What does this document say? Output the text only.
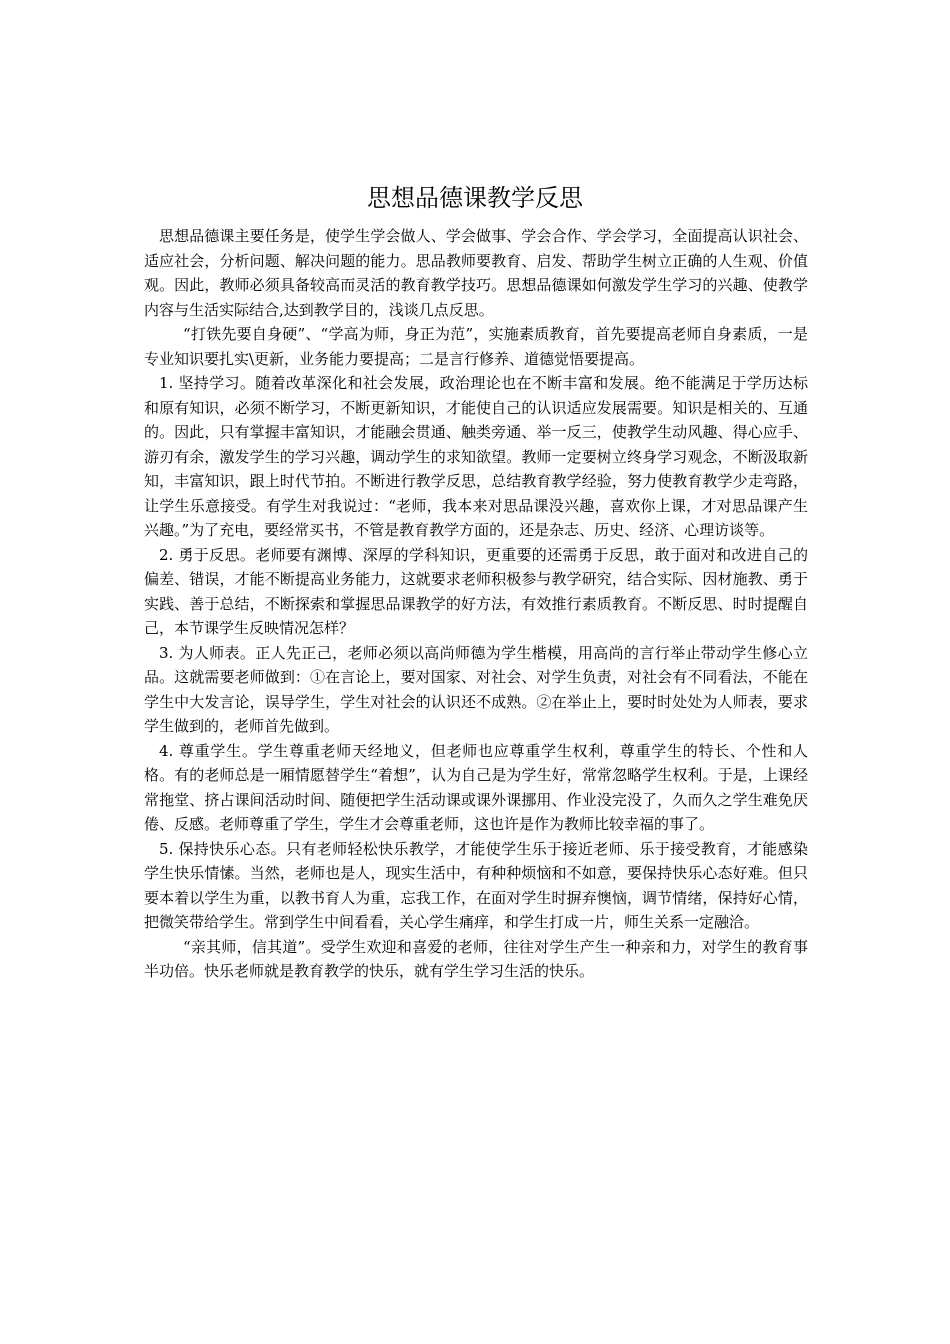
思想品德课教学反思

思想品德课主要任务是，使学生学会做人、学会做事、学会合作、学会学习，全面提高认识社会、适应社会，分析问题、解决问题的能力。思品教师要教育、启发、帮助学生树立正确的人生观、价值观。因此，教师必须具备较高而灵活的教育教学技巧。思想品德课如何激发学生学习的兴趣、使教学内容与生活实际结合,达到教学目的，浅谈几点反思。

“打铁先要自身硬”、“学高为师，身正为范”，实施素质教育，首先要提高老师自身素质，一是专业知识要扎实\更新，业务能力要提高；二是言行修养、道德觉悟要提高。

1. 坚持学习。随着改革深化和社会发展，政治理论也在不断丰富和发展。绝不能满足于学历达标和原有知识，必须不断学习，不断更新知识，才能使自己的认识适应发展需要。知识是相关的、互通的。因此，只有掌握丰富知识，才能融会贯通、触类旁通、举一反三，使教学生动风趣、得心应手、游刃有余，激发学生的学习兴趣，调动学生的求知欲望。教师一定要树立终身学习观念，不断汲取新知，丰富知识，跟上时代节拍。不断进行教学反思，总结教育教学经验，努力使教育教学少走弯路，让学生乐意接受。有学生对我说过：“老师，我本来对思品课没兴趣，喜欢你上课，才对思品课产生兴趣。”为了充电，要经常买书，不管是教育教学方面的，还是杂志、历史、经济、心理访谈等。

2. 勇于反思。老师要有渊博、深厚的学科知识，更重要的还需勇于反思，敢于面对和改进自己的偏差、错误，才能不断提高业务能力，这就要求老师积极参与教学研究，结合实际、因材施教、勇于实践、善于总结，不断探索和掌握思品课教学的好方法，有效推行素质教育。不断反思、时时提醒自己，本节课学生反映情况怎样？

3. 为人师表。正人先正己，老师必须以高尚师德为学生楷模，用高尚的言行举止带动学生修心立品。这就需要老师做到：①在言论上，要对国家、对社会、对学生负责，对社会有不同看法，不能在学生中大发言论，误导学生，学生对社会的认识还不成熟。②在举止上，要时时处处为人师表，要求学生做到的，老师首先做到。

4. 尊重学生。学生尊重老师天经地义，但老师也应尊重学生权利，尊重学生的特长、个性和人格。有的老师总是一厢情愿替学生“着想”，认为自己是为学生好，常常忽略学生权利。于是，上课经常拖堂、挤占课间活动时间、随便把学生活动课或课外课挪用、作业没完没了，久而久之学生难免厌倦、反感。老师尊重了学生，学生才会尊重老师，这也许是作为教师比较幸福的事了。

5. 保持快乐心态。只有老师轻松快乐教学，才能使学生乐于接近老师、乐于接受教育，才能感染学生快乐情愫。当然，老师也是人，现实生活中，有种种烦恼和不如意，要保持快乐心态好难。但只要本着以学生为重，以教书育人为重，忘我工作，在面对学生时摒弃懊恼，调节情绪，保持好心情，把微笑带给学生。常到学生中间看看，关心学生痛痒，和学生打成一片，师生关系一定融洽。

“亲其师，信其道”。受学生欢迎和喜爱的老师，往往对学生产生一种亲和力，对学生的教育事半功倍。快乐老师就是教育教学的快乐，就有学生学习生活的快乐。
